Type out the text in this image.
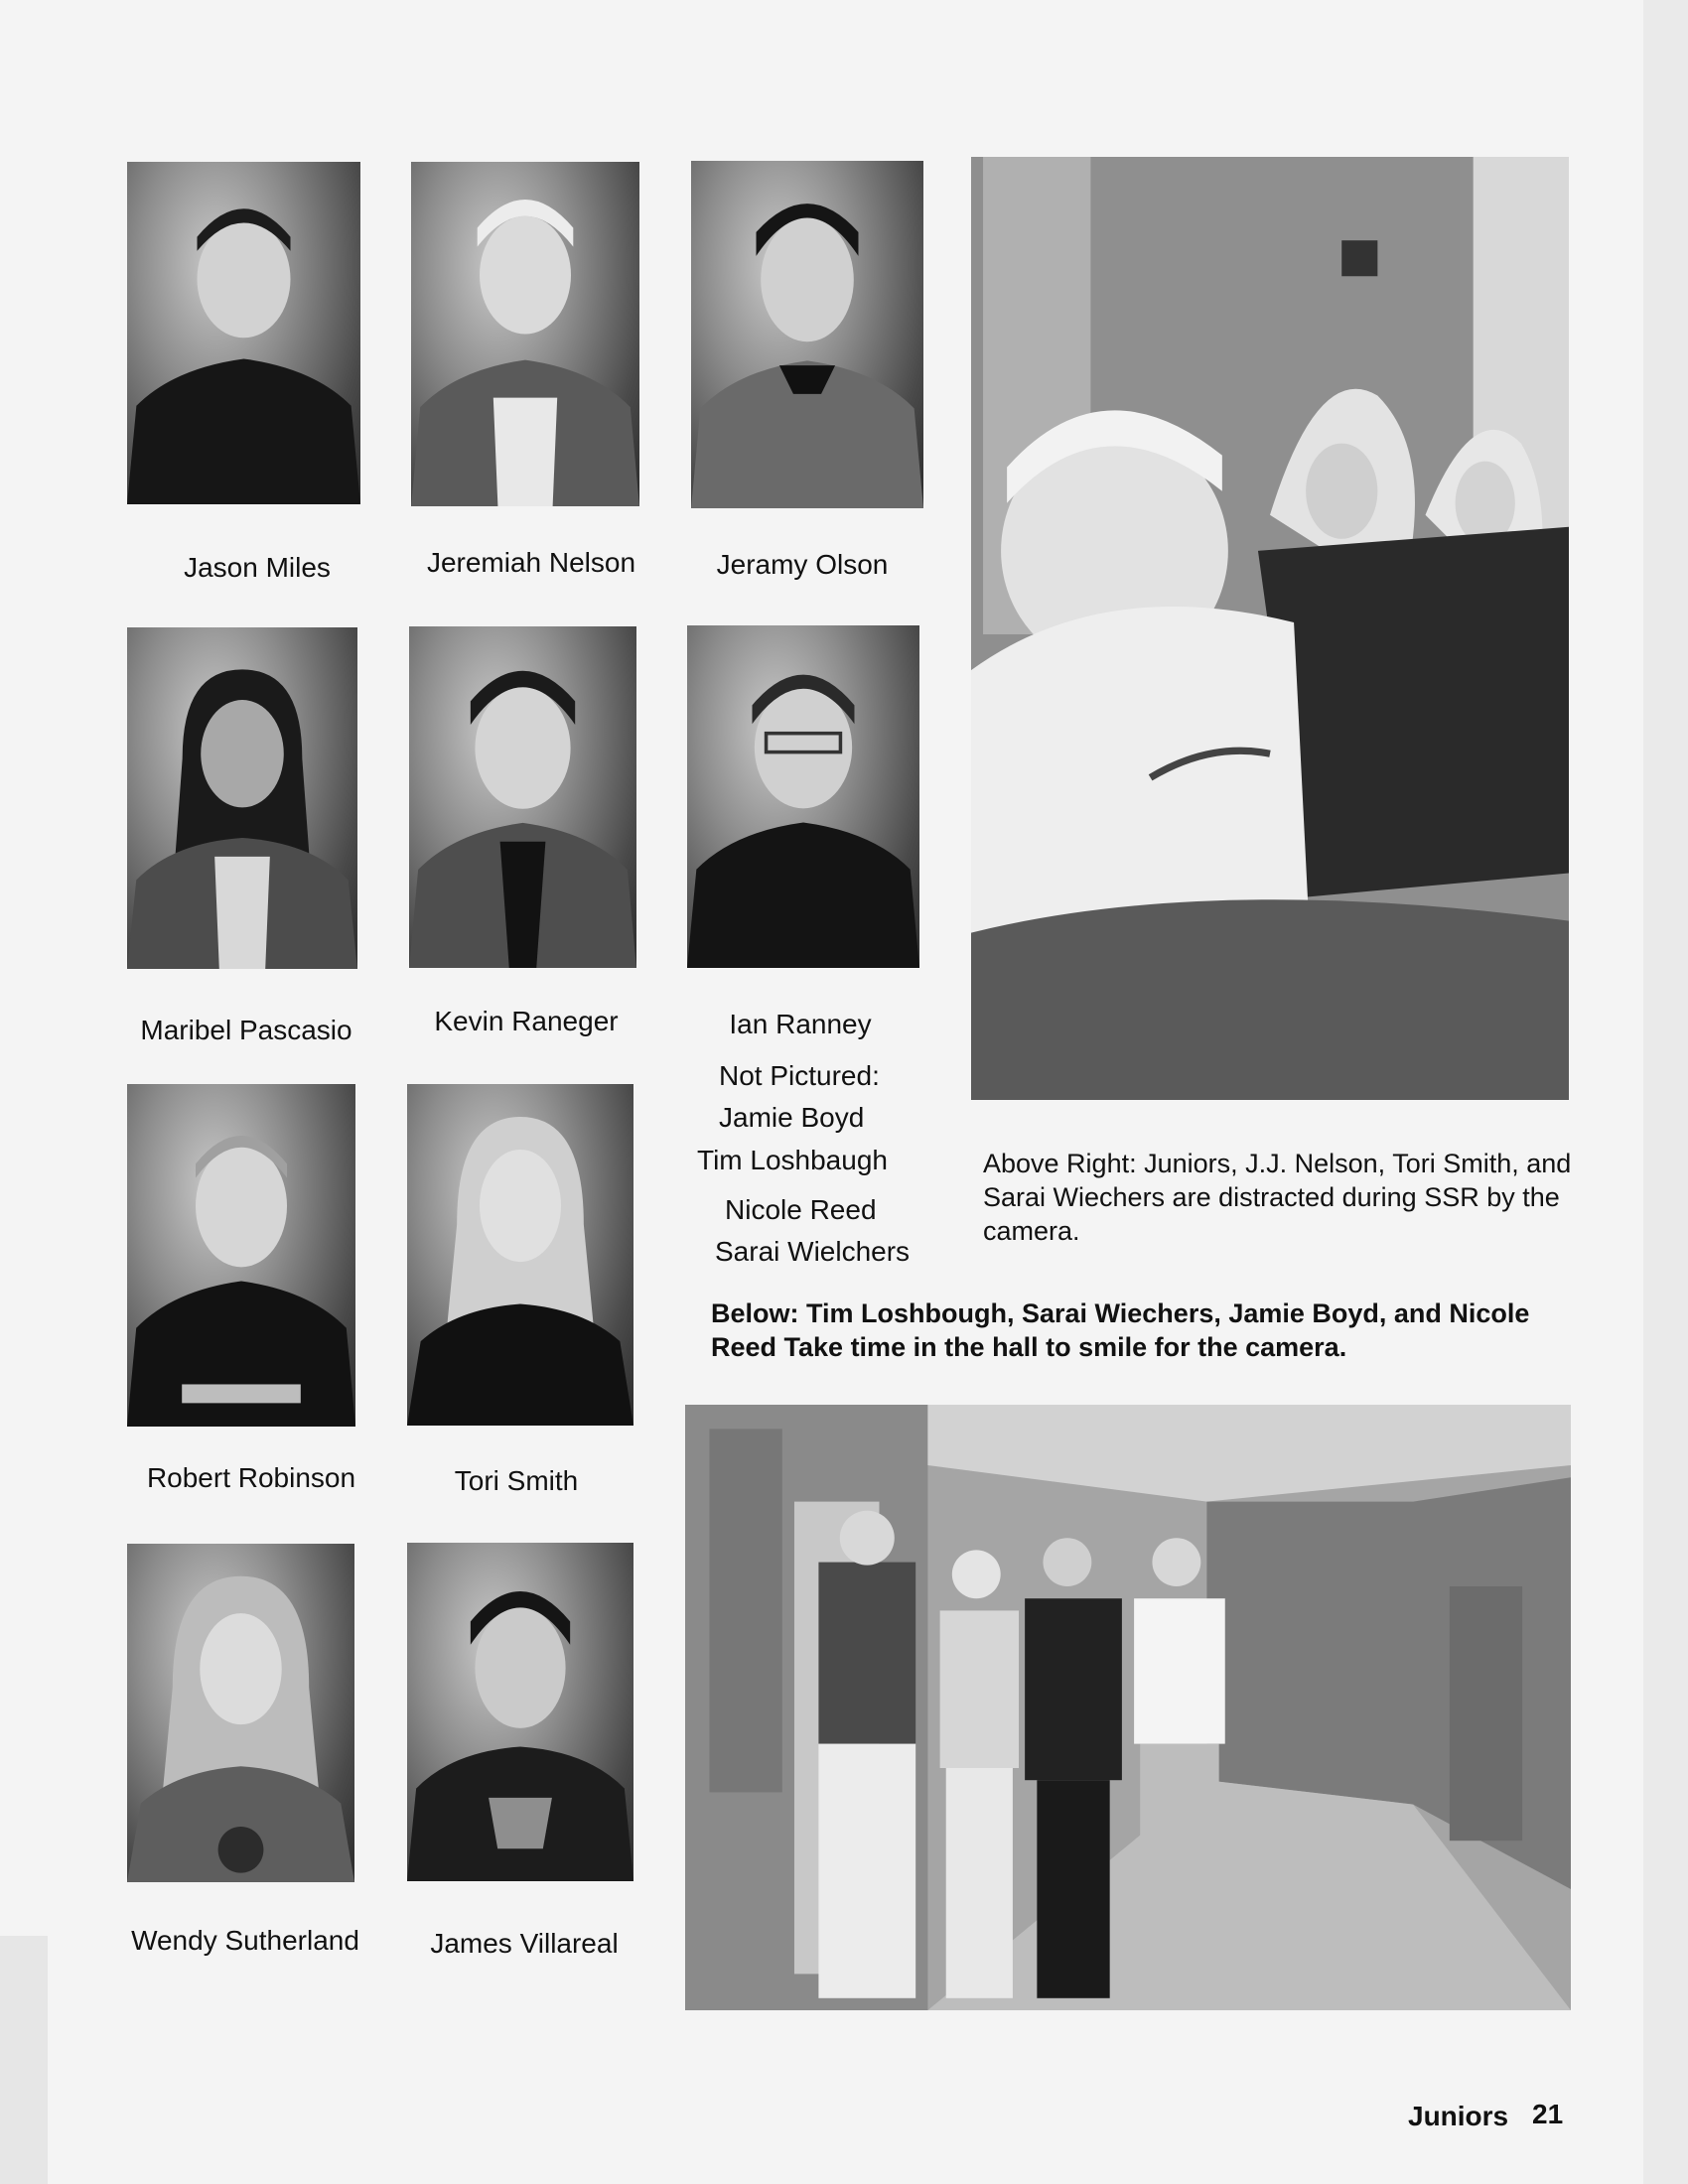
Jason Miles	Jeremiah Nelson	Jeramy Olson
Maribel Pascasio	Kevin Raneger	Ian Ranney
Robert Robinson	Tori Smith
Wendy Sutherland	James Villareal
Not Pictured:
Jamie Boyd
Tim Loshbaugh
Nicole Reed
Sarai Wielchers
Above Right: Juniors, J.J. Nelson, Tori Smith, and Sarai Wiechers are distracted during SSR by the camera.
Below: Tim Loshbough, Sarai Wiechers, Jamie Boyd, and Nicole Reed Take time in the hall to smile for the camera.
Juniors 21
